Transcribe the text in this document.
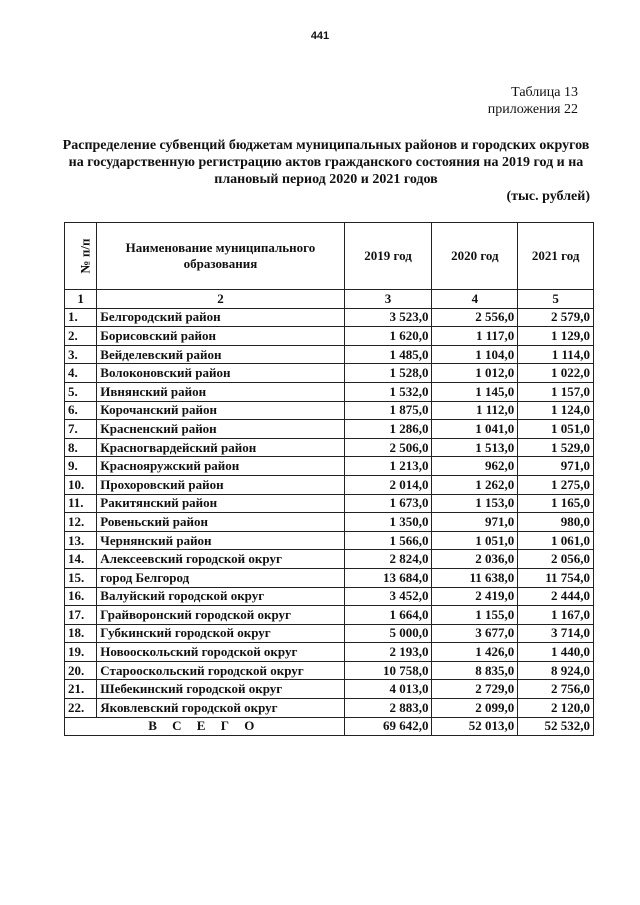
441
Таблица 13
приложения 22
Распределение субвенций бюджетам муниципальных районов и городских округов на государственную регистрацию актов гражданского состояния на 2019 год и на плановый период 2020 и 2021 годов
(тыс. рублей)
№ п/п	Наименование муниципального образования	2019 год	2020 год	2021 год
1	2	3	4	5
1.	Белгородский район	3 523,0	2 556,0	2 579,0
2.	Борисовский район	1 620,0	1 117,0	1 129,0
3.	Вейделевский район	1 485,0	1 104,0	1 114,0
4.	Волоконовский район	1 528,0	1 012,0	1 022,0
5.	Ивнянский район	1 532,0	1 145,0	1 157,0
6.	Корочанский район	1 875,0	1 112,0	1 124,0
7.	Красненский район	1 286,0	1 041,0	1 051,0
8.	Красногвардейский район	2 506,0	1 513,0	1 529,0
9.	Краснояружский район	1 213,0	962,0	971,0
10.	Прохоровский район	2 014,0	1 262,0	1 275,0
11.	Ракитянский район	1 673,0	1 153,0	1 165,0
12.	Ровеньский район	1 350,0	971,0	980,0
13.	Чернянский район	1 566,0	1 051,0	1 061,0
14.	Алексеевский городской округ	2 824,0	2 036,0	2 056,0
15.	город Белгород	13 684,0	11 638,0	11 754,0
16.	Валуйский городской округ	3 452,0	2 419,0	2 444,0
17.	Грайворонский городской округ	1 664,0	1 155,0	1 167,0
18.	Губкинский городской округ	5 000,0	3 677,0	3 714,0
19.	Новооскольский городской округ	2 193,0	1 426,0	1 440,0
20.	Старооскольский городской округ	10 758,0	8 835,0	8 924,0
21.	Шебекинский городской округ	4 013,0	2 729,0	2 756,0
22.	Яковлевский городской округ	2 883,0	2 099,0	2 120,0
В С Е Г О		69 642,0	52 013,0	52 532,0
